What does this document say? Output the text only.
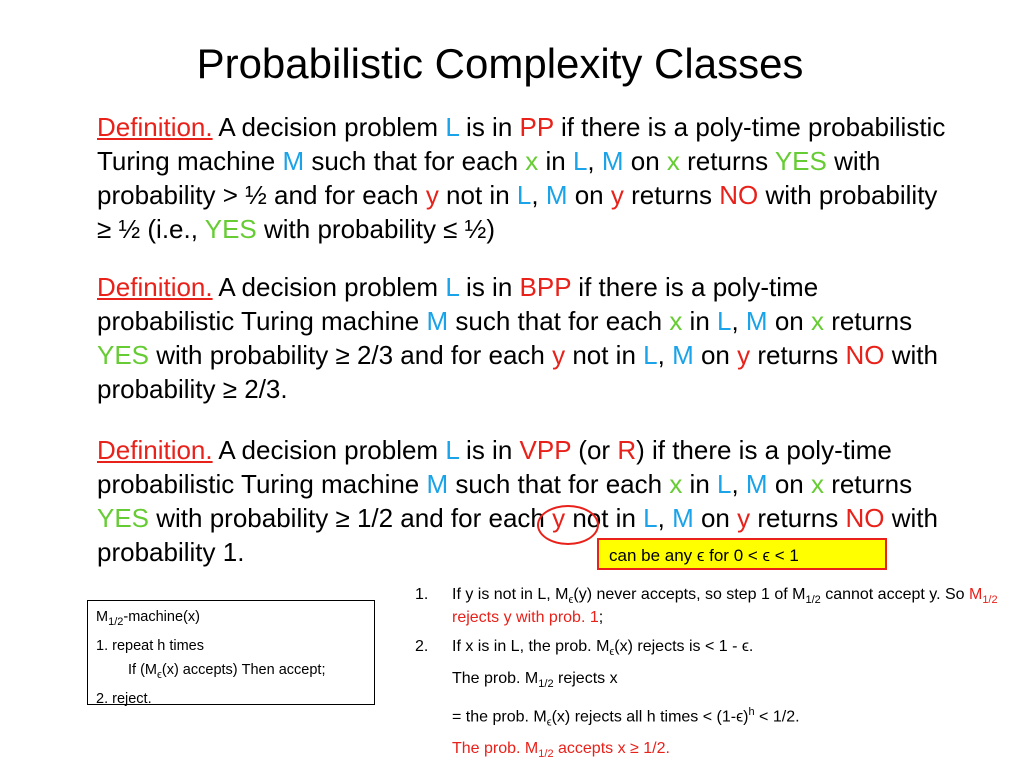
Probabilistic Complexity Classes
Definition. A decision problem L is in PP if there is a poly-time probabilistic Turing machine M such that for each x in L, M on x returns YES with probability > ½ and for each y not in L, M on y returns NO with probability ≥ ½ (i.e., YES with probability ≤ ½)
Definition. A decision problem L is in BPP if there is a poly-time probabilistic Turing machine M such that for each x in L, M on x returns YES with probability ≥ 2/3 and for each y not in L, M on y returns NO with probability ≥ 2/3.
Definition. A decision problem L is in VPP (or R) if there is a poly-time probabilistic Turing machine M such that for each x in L, M on x returns YES with probability ≥ 1/2 and for each y not in L, M on y returns NO with probability 1.	can be any ϵ for 0 < ϵ < 1
$M_{1/2}-machine(x)$
1. repeat h times
If ($M_\epsilon(x)$ accepts) Then accept;
2. reject.
1. If y is not in L, $M_\epsilon(y)$ never accepts, so step 1 of $M_{1/2}$ cannot accept y. So $M_{1/2}$ rejects y with prob. 1;
2. If x is in L, the prob. $M_\epsilon(x)$ rejects is < 1 - ϵ.
The prob. $M_{1/2}$ rejects x
= the prob. $M_\epsilon(x)$ rejects all h times < $(1-\epsilon)^h < 1/2$.
The prob. $M_{1/2}$ accepts x ≥ 1/2.
